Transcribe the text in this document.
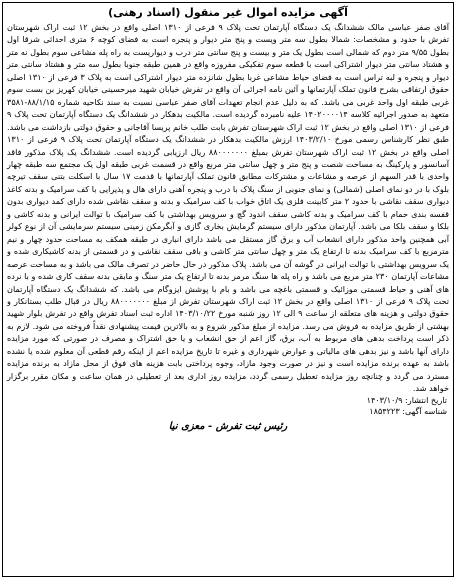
آگهی مزایده اموال غیر منقول (اسناد رهنی)

آقای صفر عباسی مالک ششدانگ یک دستگاه آپارتمان تحت پلاک ۹ فرعی از ۱۳۱۰ اصلی واقع در بخش ۱۲ ثبت اراک شهرستان تفرش با حدود و مشخصات: شمالا بطول سه متر ویست و پنج متر دیوار و پنجره است به فضای کوچه ۶ متری احداثی شرقا اول بطول ۹/۵۵ متر دوم که شمالی است بطول یک متر و بیست و پنج سانتی متر درب و دیواریست به راه پله مشاعی سوم بطول نه متر و هشتاد سانتی متر دیوار اشتراکی است با قطعه سوم تفکیکی مفروزه واقع در همین طبقه جنوبا بطول سه متر و هشتاد سانتی متر دیوار و پنجره و لبه تراس است به فضای حیاط مشاعی غربا بطول شانزده متر دیوار اشتراکی است به پلاک ۳ فرعی از ۱۳۱۰ اصلی حقوق ارتفاقی بشرح قانون تملک آپارتمانها و آئین نامه اجرائی آن واقع در تفرش خیابان شهید میرحسینی خیابان کهریز بن بست سوم غربی طبقه اول واحد غربی می باشد. که به دلیل عدم انجام تعهدات آقای صفر عباسی نسبت به سند نکاحیه شماره ۸۸/۱/۱۵-۳۵۸۱ متعهد به صدور اجرائیه کلاسه ۱۴۰۲۰۰۰۰۱۴ علیه نامبرده گردیده است. مالکیت بدهکار در ششدانگ یک دستگاه آپارتمان تحت پلاک ۹ فرعی از ۱۳۱۰ اصلی واقع در بخش ۱۲ ثبت اراک شهرستان تفرش بابت طلب خانم پریسا آقاجانی و حقوق دولتی بازداشت می باشد. طبق نظر کارشناس رسمی مورخ ۱۴۰۳/۲/۱۰ ارزش مالکیت بدهکار در ششدانگ یک دستگاه آپارتمان تحت پلاک ۹ فرعی از ۱۳۱۰ اصلی واقع در بخش ۱۲ ثبت اراک شهرستان تفرش بمبلغ ۸۸۰۰۰۰۰۰۰ ریال ارزیابی گردیده است. ششدانگ یک پلاک مذکور فاقد آسانسور و پارکینگ به مساحت شصت و پنج متر و چهل سانتی متر مربع واقع در قسمت غربی طبقه اول یک مجتمع سه طبقه چهار واحدی با قدر السهم از عرصه و مشاعات و مشترکات مطابق قانون تملک آپارتمانها با قدمت ۱۷ سال با اسکلت بتنی سقف تیرچه بلوک با در دو نمای اصلی (شمالی) و نمای جنوبی از سنگ پلاک با درب و پنجره آهنی دارای هال و پذیرایی با کف سرامیک و بدنه کاغذ دیواری سقف نقاشی با حدود ۲ متر کابینت فلزی یک اتاق خواب با کف سرامیک و بدنه و سقف نقاشی شده دارای کمد دیواری بدون قفسه بندی حمام با کف سرامیک و بدنه کاشی سقف اندود گچ و سرویس بهداشتی با کف سرامیک با توالت ایرانی و بدنه کاشی و بلکا و سقف بلکا می باشد. آپارتمان مذکور دارای سیستم گرمایش بخاری گازی و آبگرمکن زمینی سیستم سرمایشی آن از نوع کولر آبی همچنین واحد مذکور دارای انشعاب آب و برق گاز مستقل می باشد دارای انباری در طبقه همکف به مساحت حدود چهار و نیم مترمربع با کف سرامیک بدنه تا ارتفاع یک متر و چهل سانتی متر کاشی و باقی سقف نقاشی و در قسمتی از بدنه کاشیکاری شده و یک سرویس بهداشتی با توالت ایرانی در گوشه آن می باشد. پلاک مذکور در حال حاضر در تصرف مالک می باشد و به مساحت عرصه مشاعات آپارتمان ۲۳۰ متر مربع می باشد و راه پله ها سنگ مرمر بدنه تا ارتفاع یک متر سنگ و مابقی بدنه سقف کاری شده و با نرده های آهنی و حیاط قسمتی موزائیک و قسمتی باغچه می باشد و بام با پوشش ایزوگام می باشد. که ششدانگ یک دستگاه آپارتمان تحت پلاک ۹ فرعی از ۱۳۱۰ اصلی واقع در بخش ۱۲ ثبت اراک شهرستان تفرش از مبلغ ۸۸۰۰۰۰۰۰۰ ریال در قبال طلب بستانکار و حقوق دولتی و هزینه های متعلقه از ساعت ۹ الی ۱۲ روز شنبه مورخ ۱۴۰۳/۱۰/۲۲ اداره ثبت اسناد تفرش واقع در تفرش بلوار شهید بهشتی از طریق مزایده به فروش می رسد. مزایده از مبلغ مذکور شروع و به بالاترین قیمت پیشنهادی نقداً فروخته می شود. لازم به ذکر است پرداخت بدهی های مربوط به آب، برق، گاز اعم از حق انشعاب و یا حق اشتراک و مصرف در صورتی که مورد مزایده دارای آنها باشد و نیز بدهی های مالیاتی و عوارض شهرداری و غیره تا تاریخ مزایده اعم از اینکه رقم قطعی آن معلوم شده یا نشده باشد به عهده برنده مزایده است و نیز در صورت وجود مازاد، وجوه پرداختی بابت هزینه های فوق از محل مازاد به برنده مزایده مسترد می گردد و چنانچه روز مزایده تعطیل رسمی گردد، مزایده روز اداری بعد از تعطیلی در همان ساعت و مکان مقرر برگزار خواهد شد.

تاریخ انتشار: ۱۴۰۳/۱۰/۹
شناسه آگهی: ۱۸۵۴۲۲۳
رئیس ثبت تفرش - معزی نیا
